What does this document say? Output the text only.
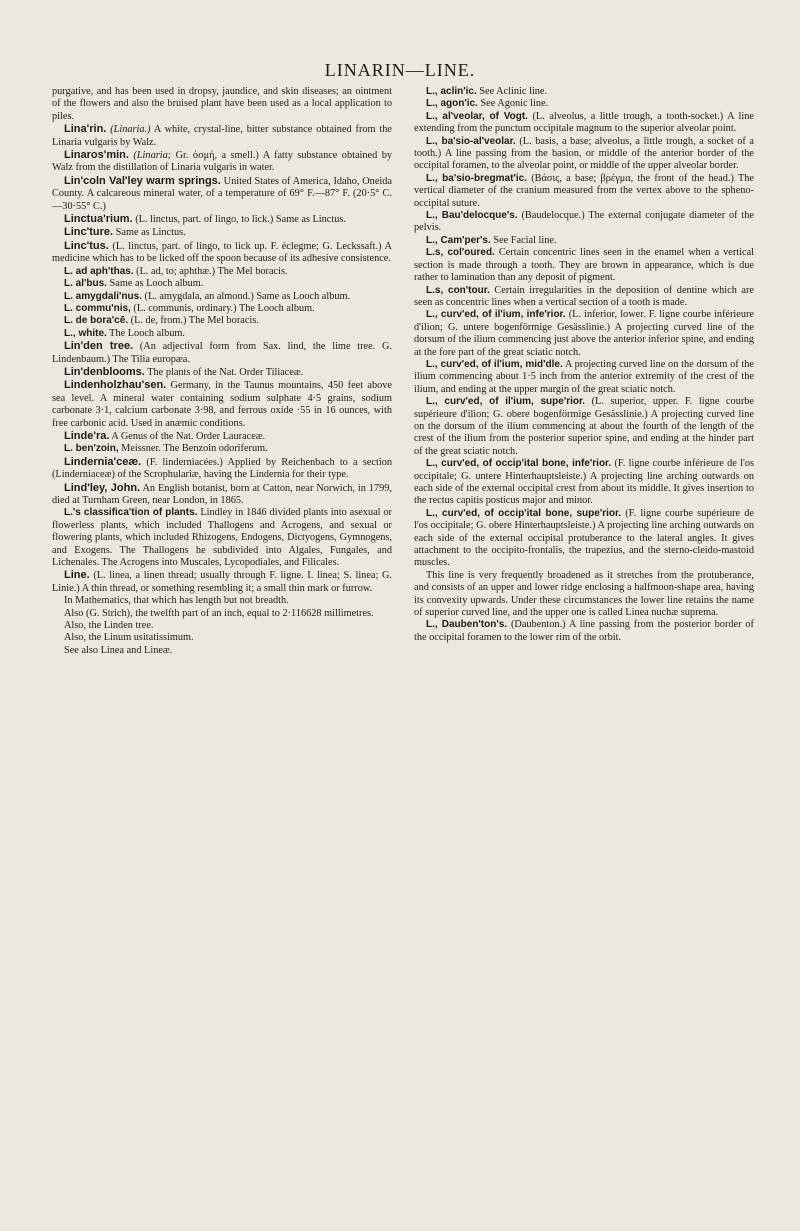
LINARIN—LINE.

purgative, and has been used in dropsy, jaundice, and skin diseases; an ointment of the flowers and also the bruised plant have been used as a local application to piles.

Lina'rin. (Linaria.) A white, crystal-line, bitter substance obtained from the Linaria vulgaris by Walz.

Linaros'min. (Linaria; Gr. ὀσμή, a smell.) A fatty substance obtained by Walz from the distillation of Linaria vulgaris in water.

Lin'coln Val'ley warm springs. United States of America, Idaho, Oneida County. A calcareous mineral water, of a temperature of 69° F.—87° F. (20·5° C.—30·55° C.)

Linctua'rium. (L. linctus, part. of lingo, to lick.) Same as Linctus.

Linc'ture. Same as Linctus.

Linc'tus. (L. linctus, part. of lingo, to lick up. F. éclegme; G. Leckssaft.) A medicine which has to be licked off the spoon because of its adhesive consistence.

L. ad aph'thas. (L. ad, to; aphthæ.) The Mel boracis.

L. al'bus. Same as Looch album.

L. amygdali'nus. (L. amygdala, an almond.) Same as Looch album.

L. commu'nis, (L. communis, ordinary.) The Looch album.

L. de bora'cē. (L. de, from.) The Mel boracis.

L., white. The Looch album.

Lin'den tree. (An adjectival form from Sax. lind, the lime tree. G. Lindenbaum.) The Tilia europæa.

Lin'denblooms. The plants of the Nat. Order Tiliaceæ.

Lindenholzhau'sen. Germany, in the Taunus mountains, 450 feet above sea level. A mineral water containing sodium sulphate 4·5 grains, sodium carbonate 3·1, calcium carbonate 3·98, and ferrous oxide ·55 in 16 ounces, with free carbonic acid. Used in anæmic conditions.

Linde'ra. A Genus of the Nat. Order Lauraceæ.

L. ben'zoin, Meissner. The Benzoin odoriferum.

Lindernia'ceæ. (F. linderniacées.) Applied by Reichenbach to a section (Linderniaceæ) of the Scrophulariæ, having the Lindernia for their type.

Lind'ley, John. An English botanist, born at Catton, near Norwich, in 1799, died at Turnham Green, near London, in 1865.

L.'s classifica'tion of plants. Lindley in 1846 divided plants into asexual or flowerless plants, which included Thallogens and Acrogens, and sexual or flowering plants, which included Rhizogens, Endogens, Dictyogens, Gymnogens, and Exogens. The Thallogens he subdivided into Algales, Fungales, and Lichenales. The Acrogens into Muscales, Lycopodiales, and Filicales.

Line. (L. linea, a linen thread; usually through F. ligne. I. linea; S. linea; G. Linie.) A thin thread, or something resembling it; a small thin mark or furrow.

In Mathematics, that which has length but not breadth.

Also (G. Strich), the twelfth part of an inch, equal to 2·116628 millimetres.

Also, the Linden tree.

Also, the Linum usitatissimum.

See also Linea and Lineæ.

L., aclin'ic. See Aclinic line.

L., agon'ic. See Agonic line.

L., al'veolar, of Vogt. (L. alveolus, a little trough, a tooth-socket.) A line extending from the punctum occipitale magnum to the superior alveolar point.

L., ba'sio-al'veolar. (L. basis, a base; alveolus, a little trough, a socket of a tooth.) A line passing from the basion, or middle of the anterior border of the occipital foramen, to the alveolar point, or middle of the upper alveolar border.

L., ba'sio-bregmat'ic. (Βάσις, a base; βρέγμα, the front of the head.) The vertical diameter of the cranium measured from the vertex above to the spheno-occipital suture.

L., Bau'delocque's. (Baudelocque.) The external conjugate diameter of the pelvis.

L., Cam'per's. See Facial line.

L.s, col'oured. Certain concentric lines seen in the enamel when a vertical section is made through a tooth. They are brown in appearance, which is due rather to lamination than any deposit of pigment.

L.s, con'tour. Certain irregularities in the deposition of dentine which are seen as concentric lines when a vertical section of a tooth is made.

L., curv'ed, of il'ium, infe'rior. (L. inferior, lower. F. ligne courbe inférieure d'ilion; G. untere bogenförmige Gesässlinie.) A projecting curved line of the dorsum of the ilium commencing just above the anterior inferior spine, and ending at the fore part of the great sciatic notch.

L., curv'ed, of il'ium, mid'dle. A projecting curved line on the dorsum of the ilium commencing about 1·5 inch from the anterior extremity of the crest of the ilium, and ending at the upper margin of the great sciatic notch.

L., curv'ed, of il'ium, supe'rior. (L. superior, upper. F. ligne courbe supérieure d'ilion; G. obere bogenförmige Gesässlinie.) A projecting curved line on the dorsum of the ilium commencing at about the fourth of the length of the crest of the ilium from the posterior superior spine, and ending at the hinder part of the great sciatic notch.

L., curv'ed, of occip'ital bone, infe'rior. (F. ligne courbe inférieure de l'os occipitale; G. untere Hinterhauptsleiste.) A projecting line arching outwards on each side of the external occipital crest from about its middle. It gives insertion to the rectus capitis posticus major and minor.

L., curv'ed, of occip'ital bone, supe'rior. (F. ligne courbe supérieure de l'os occipitale; G. obere Hinterhauptsleiste.) A projecting line arching outwards on each side of the external occipital protuberance to the lateral angles. It gives attachment to the occipito-frontalis, the trapezius, and the sterno-cleido-mastoid muscles.

This line is very frequently broadened as it stretches from the protuberance, and consists of an upper and lower ridge enclosing a halfmoon-shape area, having its convexity upwards. Under these circumstances the lower line retains the name of superior curved line, and the upper one is called Linea nuchæ suprema.

L., Dauben'ton's. (Daubenton.) A line passing from the posterior border of the occipital foramen to the lower rim of the orbit.
